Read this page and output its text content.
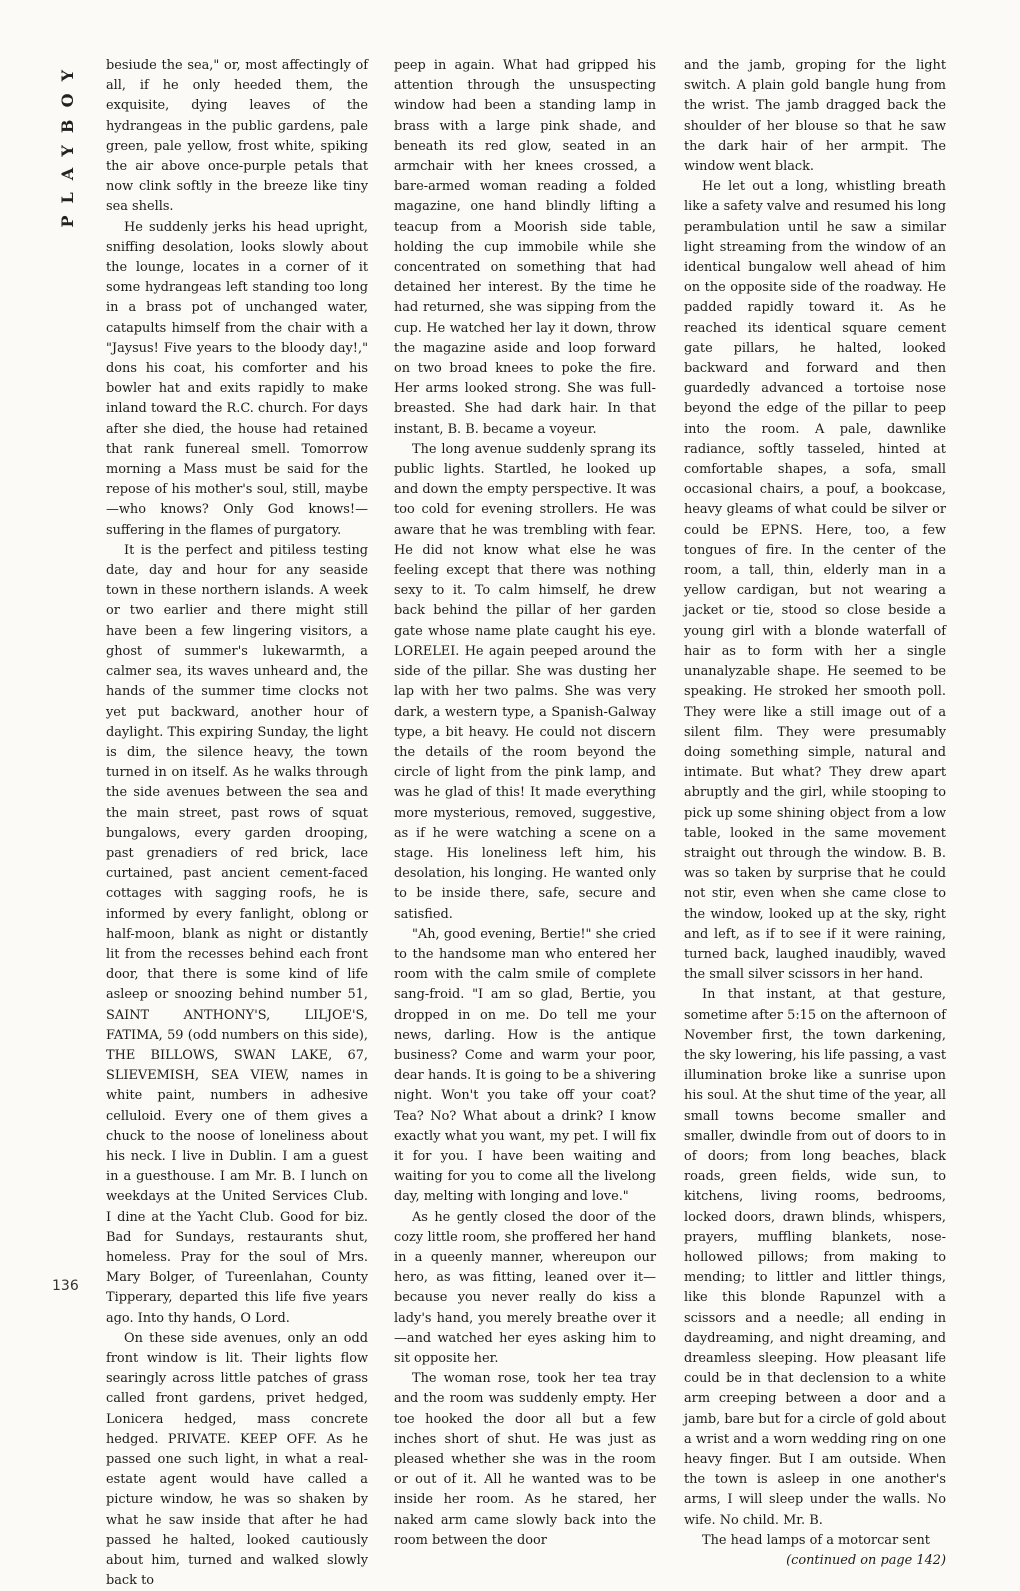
PLAYBOY
136

besiude the sea," or, most affectingly of all, if he only heeded them, the exquisite, dying leaves of the hydrangeas in the public gardens, pale green, pale yellow, frost white, spiking the air above once-purple petals that now clink softly in the breeze like tiny sea shells.

He suddenly jerks his head upright, sniffing desolation, looks slowly about the lounge, locates in a corner of it some hydrangeas left standing too long in a brass pot of unchanged water, catapults himself from the chair with a "Jaysus! Five years to the bloody day!," dons his coat, his comforter and his bowler hat and exits rapidly to make inland toward the R.C. church. For days after she died, the house had retained that rank funereal smell. Tomorrow morning a Mass must be said for the repose of his mother's soul, still, maybe—who knows? Only God knows!—suffering in the flames of purgatory.

It is the perfect and pitiless testing date, day and hour for any seaside town in these northern islands. A week or two earlier and there might still have been a few lingering visitors, a ghost of summer's lukewarmth, a calmer sea, its waves unheard and, the hands of the summer time clocks not yet put backward, another hour of daylight. This expiring Sunday, the light is dim, the silence heavy, the town turned in on itself. As he walks through the side avenues between the sea and the main street, past rows of squat bungalows, every garden drooping, past grenadiers of red brick, lace curtained, past ancient cement-faced cottages with sagging roofs, he is informed by every fanlight, oblong or half-moon, blank as night or distantly lit from the recesses behind each front door, that there is some kind of life asleep or snoozing behind number 51, SAINT ANTHONY'S, LILJOE'S, FATIMA, 59 (odd numbers on this side), THE BILLOWS, SWAN LAKE, 67, SLIEVEMISH, SEA VIEW, names in white paint, numbers in adhesive celluloid. Every one of them gives a chuck to the noose of loneliness about his neck. I live in Dublin. I am a guest in a guesthouse. I am Mr. B. I lunch on weekdays at the United Services Club. I dine at the Yacht Club. Good for biz. Bad for Sundays, restaurants shut, homeless. Pray for the soul of Mrs. Mary Bolger, of Tureenlahan, County Tipperary, departed this life five years ago. Into thy hands, O Lord.

On these side avenues, only an odd front window is lit. Their lights flow searingly across little patches of grass called front gardens, privet hedged, Lonicera hedged, mass concrete hedged. PRIVATE. KEEP OFF. As he passed one such light, in what a real-estate agent would have called a picture window, he was so shaken by what he saw inside that after he had passed he halted, looked cautiously about him, turned and walked slowly back to

peep in again. What had gripped his attention through the unsuspecting window had been a standing lamp in brass with a large pink shade, and beneath its red glow, seated in an armchair with her knees crossed, a bare-armed woman reading a folded magazine, one hand blindly lifting a teacup from a Moorish side table, holding the cup immobile while she concentrated on something that had detained her interest. By the time he had returned, she was sipping from the cup. He watched her lay it down, throw the magazine aside and loop forward on two broad knees to poke the fire. Her arms looked strong. She was full-breasted. She had dark hair. In that instant, B. B. became a voyeur.

The long avenue suddenly sprang its public lights. Startled, he looked up and down the empty perspective. It was too cold for evening strollers. He was aware that he was trembling with fear. He did not know what else he was feeling except that there was nothing sexy to it. To calm himself, he drew back behind the pillar of her garden gate whose name plate caught his eye. LORELEI. He again peeped around the side of the pillar. She was dusting her lap with her two palms. She was very dark, a western type, a Spanish-Galway type, a bit heavy. He could not discern the details of the room beyond the circle of light from the pink lamp, and was he glad of this! It made everything more mysterious, removed, suggestive, as if he were watching a scene on a stage. His loneliness left him, his desolation, his longing. He wanted only to be inside there, safe, secure and satisfied.

"Ah, good evening, Bertie!" she cried to the handsome man who entered her room with the calm smile of complete sang-froid. "I am so glad, Bertie, you dropped in on me. Do tell me your news, darling. How is the antique business? Come and warm your poor, dear hands. It is going to be a shivering night. Won't you take off your coat? Tea? No? What about a drink? I know exactly what you want, my pet. I will fix it for you. I have been waiting and waiting for you to come all the livelong day, melting with longing and love."

As he gently closed the door of the cozy little room, she proffered her hand in a queenly manner, whereupon our hero, as was fitting, leaned over it—because you never really do kiss a lady's hand, you merely breathe over it—and watched her eyes asking him to sit opposite her.

The woman rose, took her tea tray and the room was suddenly empty. Her toe hooked the door all but a few inches short of shut. He was just as pleased whether she was in the room or out of it. All he wanted was to be inside her room. As he stared, her naked arm came slowly back into the room between the door

and the jamb, groping for the light switch. A plain gold bangle hung from the wrist. The jamb dragged back the shoulder of her blouse so that he saw the dark hair of her armpit. The window went black.

He let out a long, whistling breath like a safety valve and resumed his long perambulation until he saw a similar light streaming from the window of an identical bungalow well ahead of him on the opposite side of the roadway. He padded rapidly toward it. As he reached its identical square cement gate pillars, he halted, looked backward and forward and then guardedly advanced a tortoise nose beyond the edge of the pillar to peep into the room. A pale, dawnlike radiance, softly tasseled, hinted at comfortable shapes, a sofa, small occasional chairs, a pouf, a bookcase, heavy gleams of what could be silver or could be EPNS. Here, too, a few tongues of fire. In the center of the room, a tall, thin, elderly man in a yellow cardigan, but not wearing a jacket or tie, stood so close beside a young girl with a blonde waterfall of hair as to form with her a single unanalyzable shape. He seemed to be speaking. He stroked her smooth poll. They were like a still image out of a silent film. They were presumably doing something simple, natural and intimate. But what? They drew apart abruptly and the girl, while stooping to pick up some shining object from a low table, looked in the same movement straight out through the window. B. B. was so taken by surprise that he could not stir, even when she came close to the window, looked up at the sky, right and left, as if to see if it were raining, turned back, laughed inaudibly, waved the small silver scissors in her hand.

In that instant, at that gesture, sometime after 5:15 on the afternoon of November first, the town darkening, the sky lowering, his life passing, a vast illumination broke like a sunrise upon his soul. At the shut time of the year, all small towns become smaller and smaller, dwindle from out of doors to in of doors; from long beaches, black roads, green fields, wide sun, to kitchens, living rooms, bedrooms, locked doors, drawn blinds, whispers, prayers, muffling blankets, nose-hollowed pillows; from making to mending; to littler and littler things, like this blonde Rapunzel with a scissors and a needle; all ending in daydreaming, and night dreaming, and dreamless sleeping. How pleasant life could be in that declension to a white arm creeping between a door and a jamb, bare but for a circle of gold about a wrist and a worn wedding ring on one heavy finger. But I am outside. When the town is asleep in one another's arms, I will sleep under the walls. No wife. No child. Mr. B.

The head lamps of a motorcar sent

(continued on page 142)
